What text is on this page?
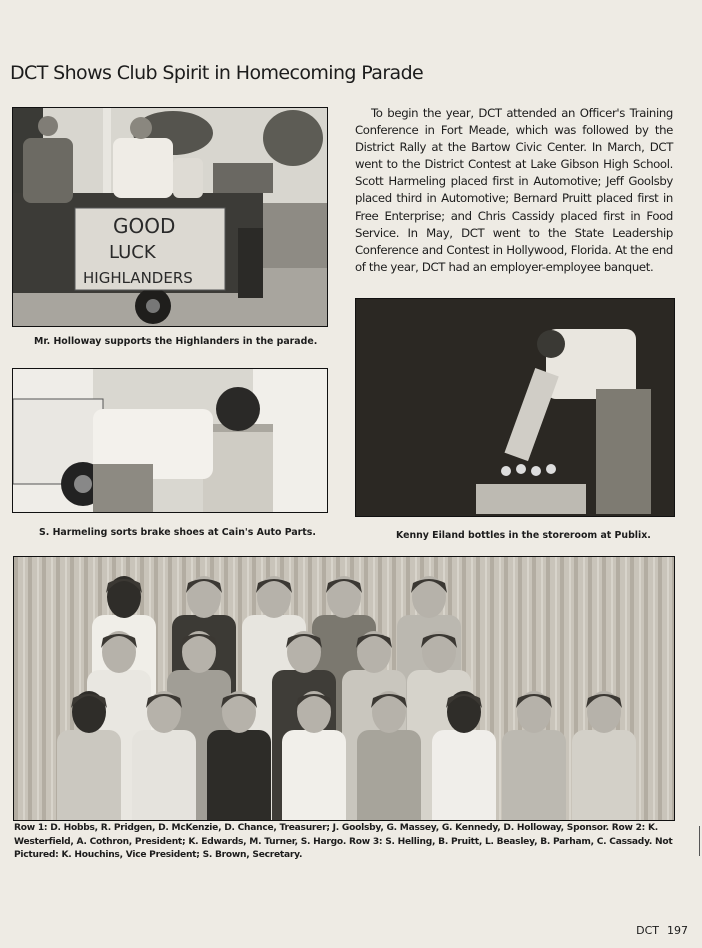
DCT Shows Club Spirit in Homecoming Parade
GOOD
LUCK
HIGHLANDERS

Mr. Holloway supports the Highlanders in the parade.

S. Harmeling sorts brake shoes at Cain's Auto Parts.

To begin the year, DCT attended an Officer's Training Conference in Fort Meade, which was followed by the District Rally at the Bartow Civic Center. In March, DCT went to the District Contest at Lake Gibson High School. Scott Harmeling placed first in Automotive; Jeff Goolsby placed third in Automotive; Bernard Pruitt placed first in Free Enterprise; and Chris Cassidy placed first in Food Service. In May, DCT went to the State Leadership Conference and Contest in Hollywood, Florida. At the end of the year, DCT had an employer-employee banquet.

Kenny Eiland bottles in the storeroom at Publix.

Row 1: D. Hobbs, R. Pridgen, D. McKenzie, D. Chance, Treasurer; J. Goolsby, G. Massey, G. Kennedy, D. Holloway, Sponsor. Row 2: K. Westerfield, A. Cothron, President; K. Edwards, M. Turner, S. Hargo. Row 3: S. Helling, B. Pruitt, L. Beasley, B. Parham, C. Cassady. Not Pictured: K. Houchins, Vice President; S. Brown, Secretary.

DCT 197
